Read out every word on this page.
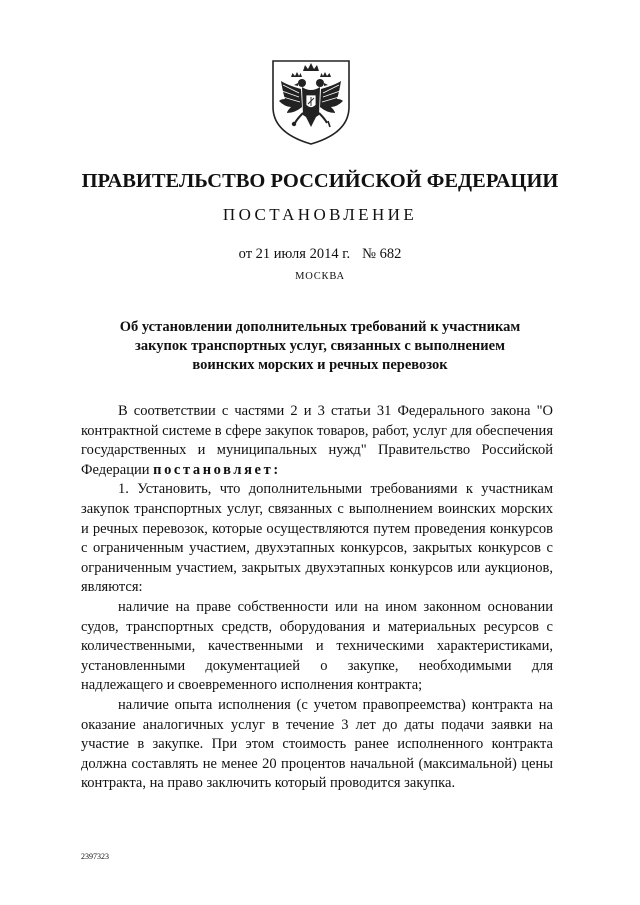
ПРАВИТЕЛЬСТВО РОССИЙСКОЙ ФЕДЕРАЦИИ
ПОСТАНОВЛЕНИЕ
от 21 июля 2014 г. № 682
МОСКВА
Об установлении дополнительных требований к участникам
закупок транспортных услуг, связанных с выполнением
воинских морских и речных перевозок

В соответствии с частями 2 и 3 статьи 31 Федерального закона "О контрактной системе в сфере закупок товаров, работ, услуг для обеспечения государственных и муниципальных нужд" Правительство Российской Федерации постановляет:

1. Установить, что дополнительными требованиями к участникам закупок транспортных услуг, связанных с выполнением воинских морских и речных перевозок, которые осуществляются путем проведения конкурсов с ограниченным участием, двухэтапных конкурсов, закрытых конкурсов с ограниченным участием, закрытых двухэтапных конкурсов или аукционов, являются:

наличие на праве собственности или на ином законном основании судов, транспортных средств, оборудования и материальных ресурсов с количественными, качественными и техническими характеристиками, установленными документацией о закупке, необходимыми для надлежащего и своевременного исполнения контракта;

наличие опыта исполнения (с учетом правопреемства) контракта на оказание аналогичных услуг в течение 3 лет до даты подачи заявки на участие в закупке. При этом стоимость ранее исполненного контракта должна составлять не менее 20 процентов начальной (максимальной) цены контракта, на право заключить который проводится закупка.

2397323
